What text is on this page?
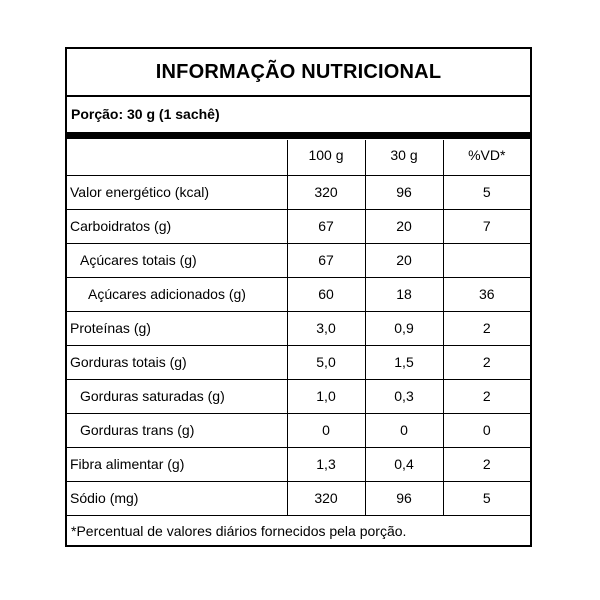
INFORMAÇÃO NUTRICIONAL
Porção: 30 g (1 sachê)
	100 g	30 g	%VD*
Valor energético (kcal)	320	96	5
Carboidratos (g)	67	20	7
Açúcares totais (g)	67	20	
Açúcares adicionados (g)	60	18	36
Proteínas (g)	3,0	0,9	2
Gorduras totais (g)	5,0	1,5	2
Gorduras saturadas (g)	1,0	0,3	2
Gorduras trans (g)	0	0	0
Fibra alimentar (g)	1,3	0,4	2
Sódio (mg)	320	96	5
*Percentual de valores diários fornecidos pela porção.
